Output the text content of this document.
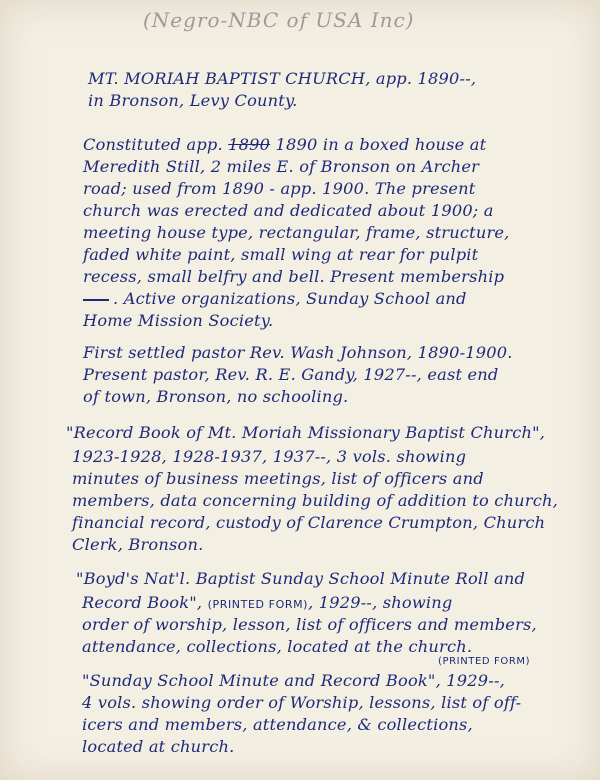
(Negro-NBC of USA Inc)
MT. MORIAH BAPTIST CHURCH, app. 1890--,
in Bronson, Levy County.
Constituted app. 1890 1890 in a boxed house at
Meredith Still, 2 miles E. of Bronson on Archer
road; used from 1890 - app. 1900. The present
church was erected and dedicated about 1900; a
meeting house type, rectangular, frame, structure,
faded white paint, small wing at rear for pulpit
recess, small belfry and bell. Present membership
. Active organizations, Sunday School and
Home Mission Society.
First settled pastor Rev. Wash Johnson, 1890-1900.
Present pastor, Rev. R. E. Gandy, 1927--, east end
of town, Bronson, no schooling.
"Record Book of Mt. Moriah Missionary Baptist Church",
1923-1928, 1928-1937, 1937--, 3 vols. showing
minutes of business meetings, list of officers and
members, data concerning building of addition to church,
financial record, custody of Clarence Crumpton, Church
Clerk, Bronson.
"Boyd's Nat'l. Baptist Sunday School Minute Roll and
Record Book", (PRINTED FORM), 1929--, showing
order of worship, lesson, list of officers and members,
attendance, collections, located at the church.
(PRINTED FORM)
"Sunday School Minute and Record Book", 1929--,
4 vols. showing order of Worship, lessons, list of off-
icers and members, attendance, & collections,
located at church.
